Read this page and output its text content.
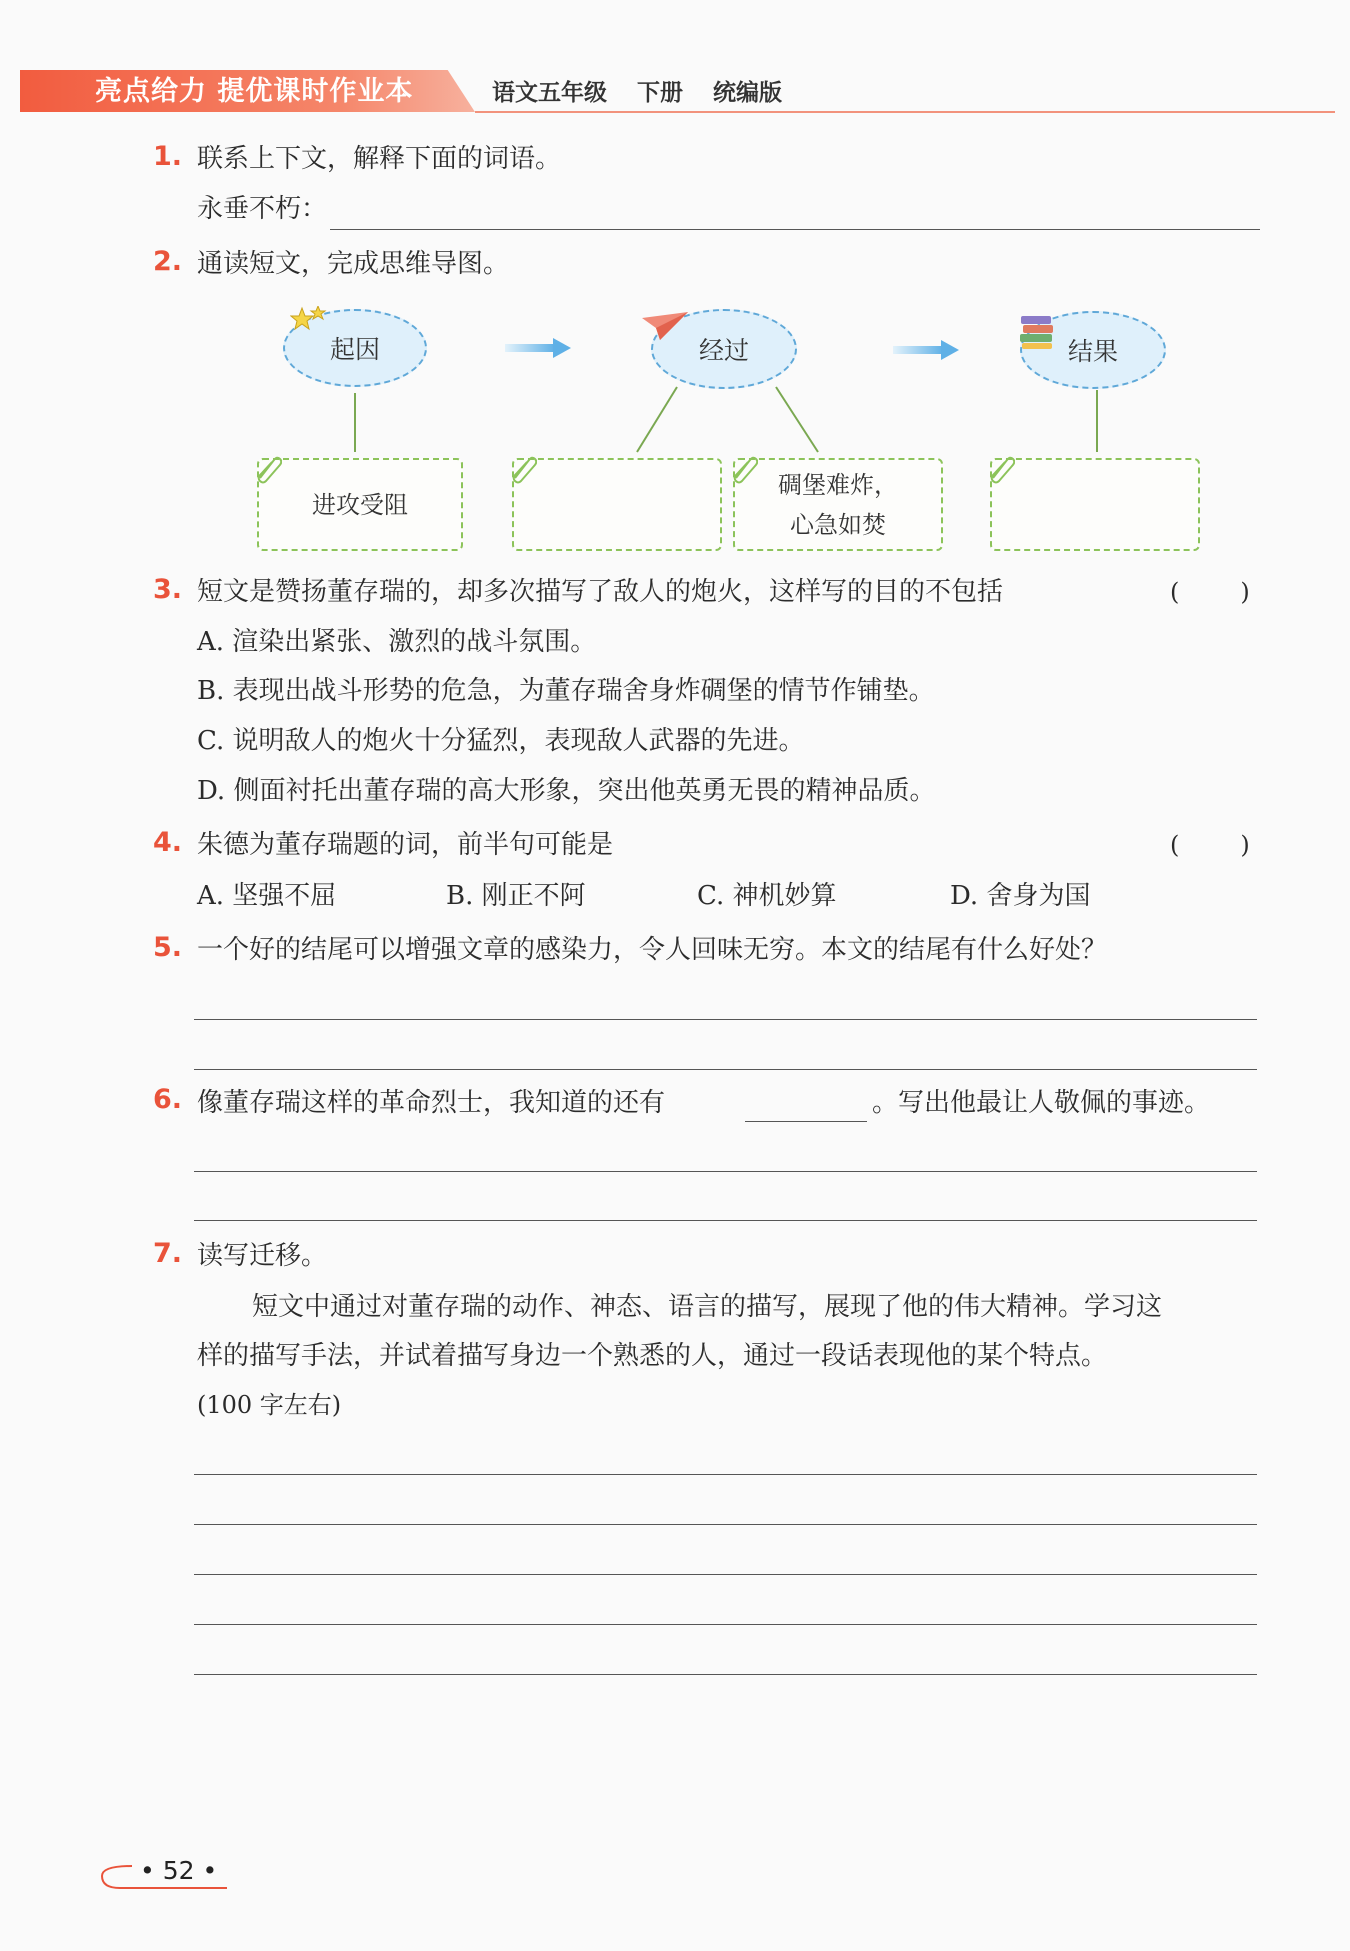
亮点给力 提优课时作业本	语文五年级 下册 统编版
1. 联系上下文，解释下面的词语。
永垂不朽：
2. 通读短文，完成思维导图。
起因	经过	结果
进攻受阻
碉堡难炸，
心急如焚
3. 短文是赞扬董存瑞的，却多次描写了敌人的炮火，这样写的目的不包括	(        )
A. 渲染出紧张、激烈的战斗氛围。
B. 表现出战斗形势的危急，为董存瑞舍身炸碉堡的情节作铺垫。
C. 说明敌人的炮火十分猛烈，表现敌人武器的先进。
D. 侧面衬托出董存瑞的高大形象，突出他英勇无畏的精神品质。
4. 朱德为董存瑞题的词，前半句可能是	(        )
A. 坚强不屈	B. 刚正不阿	C. 神机妙算	D. 舍身为国
5. 一个好的结尾可以增强文章的感染力，令人回味无穷。本文的结尾有什么好处？
6. 像董存瑞这样的革命烈士，我知道的还有	。写出他最让人敬佩的事迹。
7. 读写迁移。
短文中通过对董存瑞的动作、神态、语言的描写，展现了他的伟大精神。学习这
样的描写手法，并试着描写身边一个熟悉的人，通过一段话表现他的某个特点。
(100 字左右)
• 52 •
